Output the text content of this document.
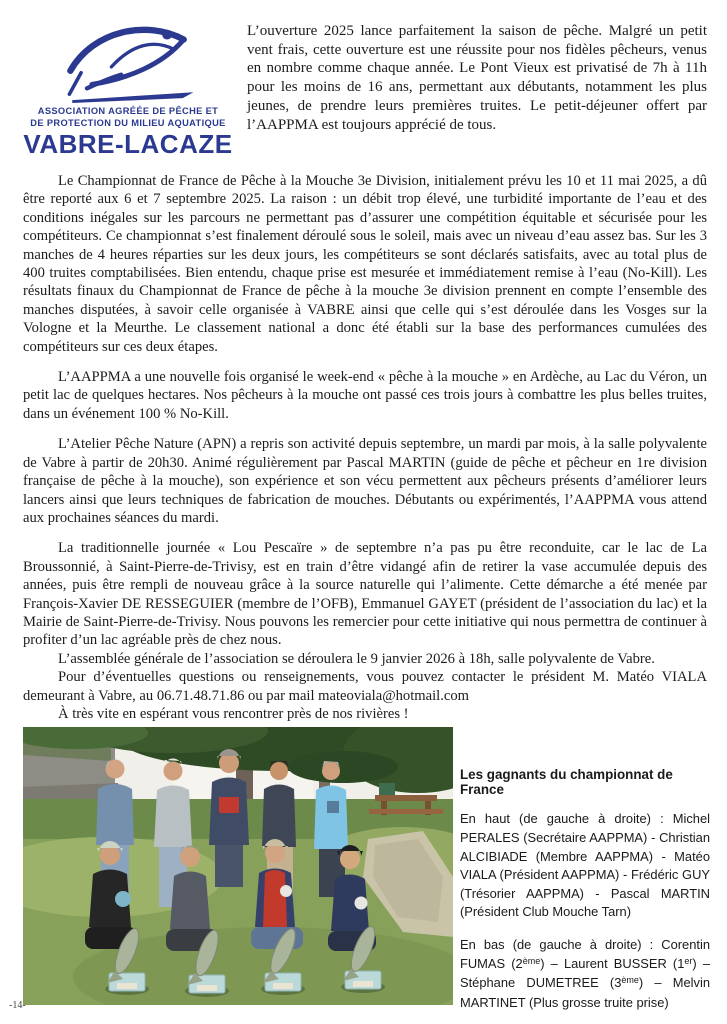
ASSOCIATION AGRÉÉE DE PÊCHE ET
DE PROTECTION DU MILIEU AQUATIQUE
VABRE-LACAZE

L’ouverture 2025 lance parfaitement la saison de pêche. Malgré un petit vent frais, cette ouverture est une réussite pour nos fidèles pêcheurs, venus en nombre comme chaque année. Le Pont Vieux est privatisé de 7h à 11h pour les moins de 16 ans, permettant aux débutants, notamment les plus jeunes, de prendre leurs premières truites. Le petit-déjeuner offert par l’AAPPMA est toujours apprécié de tous.

Le Championnat de France de Pêche à la Mouche 3e Division, initialement prévu les 10 et 11 mai 2025, a dû être reporté aux 6 et 7 septembre 2025. La raison : un débit trop élevé, une turbidité importante de l’eau et des conditions inégales sur les parcours ne permettant pas d’assurer une compétition équitable et sécurisée pour les compétiteurs. Ce championnat s’est finalement déroulé sous le soleil, mais avec un niveau d’eau assez bas. Sur les 3 manches de 4 heures réparties sur les deux jours, les compétiteurs se sont déclarés satisfaits, avec au total plus de 400 truites comptabilisées. Bien entendu, chaque prise est mesurée et immédiatement remise à l’eau (No-Kill). Les résultats finaux du Championnat de France de pêche à la mouche 3e division prennent en compte l’ensemble des manches disputées, à savoir celle organisée à VABRE ainsi que celle qui s’est déroulée dans les Vosges sur la Vologne et la Meurthe. Le classement national a donc été établi sur la base des performances cumulées des compétiteurs sur ces deux étapes.

L’AAPPMA a une nouvelle fois organisé le week-end « pêche à la mouche » en Ardèche, au Lac du Véron, un petit lac de quelques hectares. Nos pêcheurs à la mouche ont passé ces trois jours à combattre les plus belles truites, dans un événement 100 % No-Kill.

L’Atelier Pêche Nature (APN) a repris son activité depuis septembre, un mardi par mois, à la salle polyvalente de Vabre à partir de 20h30. Animé régulièrement par Pascal MARTIN (guide de pêche et pêcheur en 1re division française de pêche à la mouche), son expérience et son vécu permettent aux pêcheurs présents d’améliorer leurs lancers ainsi que leurs techniques de fabrication de mouches. Débutants ou expérimentés, l’AAPPMA vous attend aux prochaines séances du mardi.

La traditionnelle journée « Lou Pescaïre » de septembre n’a pas pu être reconduite, car le lac de La Broussonnié, à Saint-Pierre-de-Trivisy, est en train d’être vidangé afin de retirer la vase accumulée depuis des années, puis être rempli de nouveau grâce à la source naturelle qui l’alimente. Cette démarche a été menée par François-Xavier DE RESSEGUIER (membre de l’OFB), Emmanuel GAYET (président de l’association du lac) et la Mairie de Saint-Pierre-de-Trivisy. Nous pouvons les remercier pour cette initiative qui nous permettra de continuer à profiter d’un lac agréable près de chez nous.

L’assemblée générale de l’association se déroulera le 9 janvier 2026 à 18h, salle polyvalente de Vabre.

Pour d’éventuelles questions ou renseignements, vous pouvez contacter le président M. Matéo VIALA demeurant à Vabre, au 06.71.48.71.86 ou par mail mateoviala@hotmail.com

À très vite en espérant vous rencontrer près de nos rivières !

Les gagnants du championnat de France

En haut (de gauche à droite) : Michel PERALES (Secrétaire AAPPMA) - Christian ALCIBIADE (Membre AAPPMA) - Matéo VIALA (Président AAPPMA) - Frédéric GUY (Trésorier AAPPMA) - Pascal MARTIN (Président Club Mouche Tarn)

En bas (de gauche à droite) : Corentin FUMAS (2ème) – Laurent BUSSER (1er) – Stéphane DUMETREE (3ème) – Melvin MARTINET (Plus grosse truite prise)

-14-
